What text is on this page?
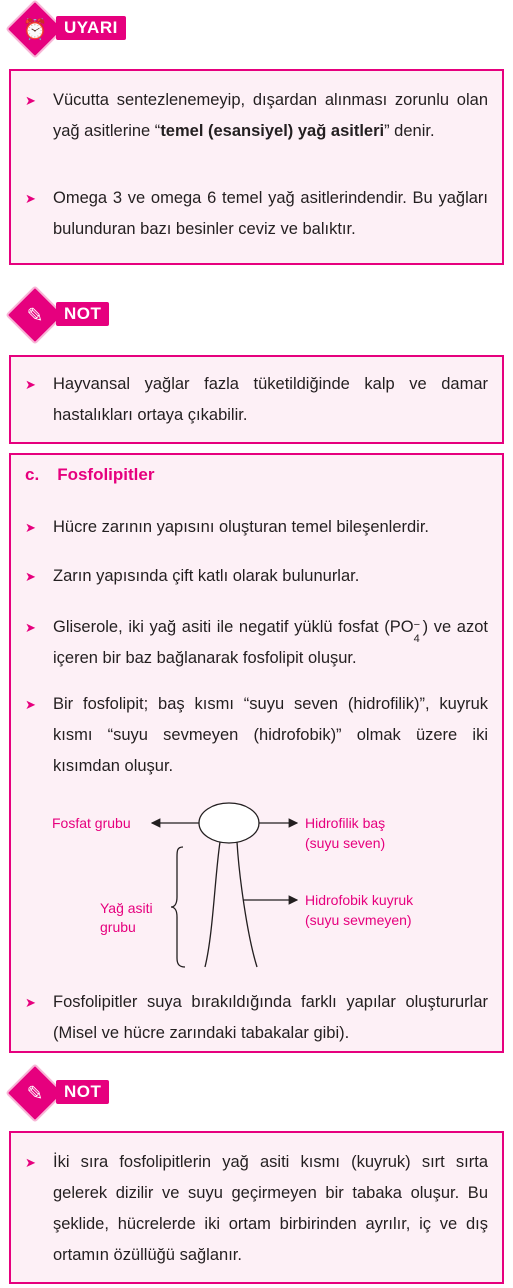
⏰ UYARI
➤ Vücutta sentezlenemeyip, dışardan alınması zorunlu olan yağ asitlerine “temel (esansiyel) yağ asitleri” denir.
➤ Omega 3 ve omega 6 temel yağ asitlerindendir. Bu yağları bulunduran bazı besinler ceviz ve balıktır.
✎	NOT
➤ Hayvansal yağlar fazla tüketildiğinde kalp ve damar hastalıkları ortaya çıkabilir.
c. Fosfolipitler
➤ Hücre zarının yapısını oluşturan temel bileşenlerdir.
➤ Zarın yapısında çift katlı olarak bulunurlar.
➤ Gliserole, iki yağ asiti ile negatif yüklü fosfat (PO −
4
) ve azot içeren bir baz bağlanarak fosfolipit oluşur.
➤ Bir fosfolipit; baş kısmı “suyu seven (hidrofilik)”, kuyruk kısmı “suyu sevmeyen (hidrofobik)” olmak üzere iki kısımdan oluşur.
Fosfat grubu	Hidrofilik baş
(suyu seven)
Yağ asiti
grubu
Hidrofobik kuyruk
(suyu sevmeyen)
➤ Fosfolipitler suya bırakıldığında farklı yapılar oluştururlar (Misel ve hücre zarındaki tabakalar gibi).
✎	NOT
➤ İki sıra fosfolipitlerin yağ asiti kısmı (kuyruk) sırt sırta gelerek dizilir ve suyu geçirmeyen bir tabaka oluşur. Bu şeklide, hücrelerde iki ortam birbirinden ayrılır, iç ve dış ortamın özüllüğü sağlanır.
